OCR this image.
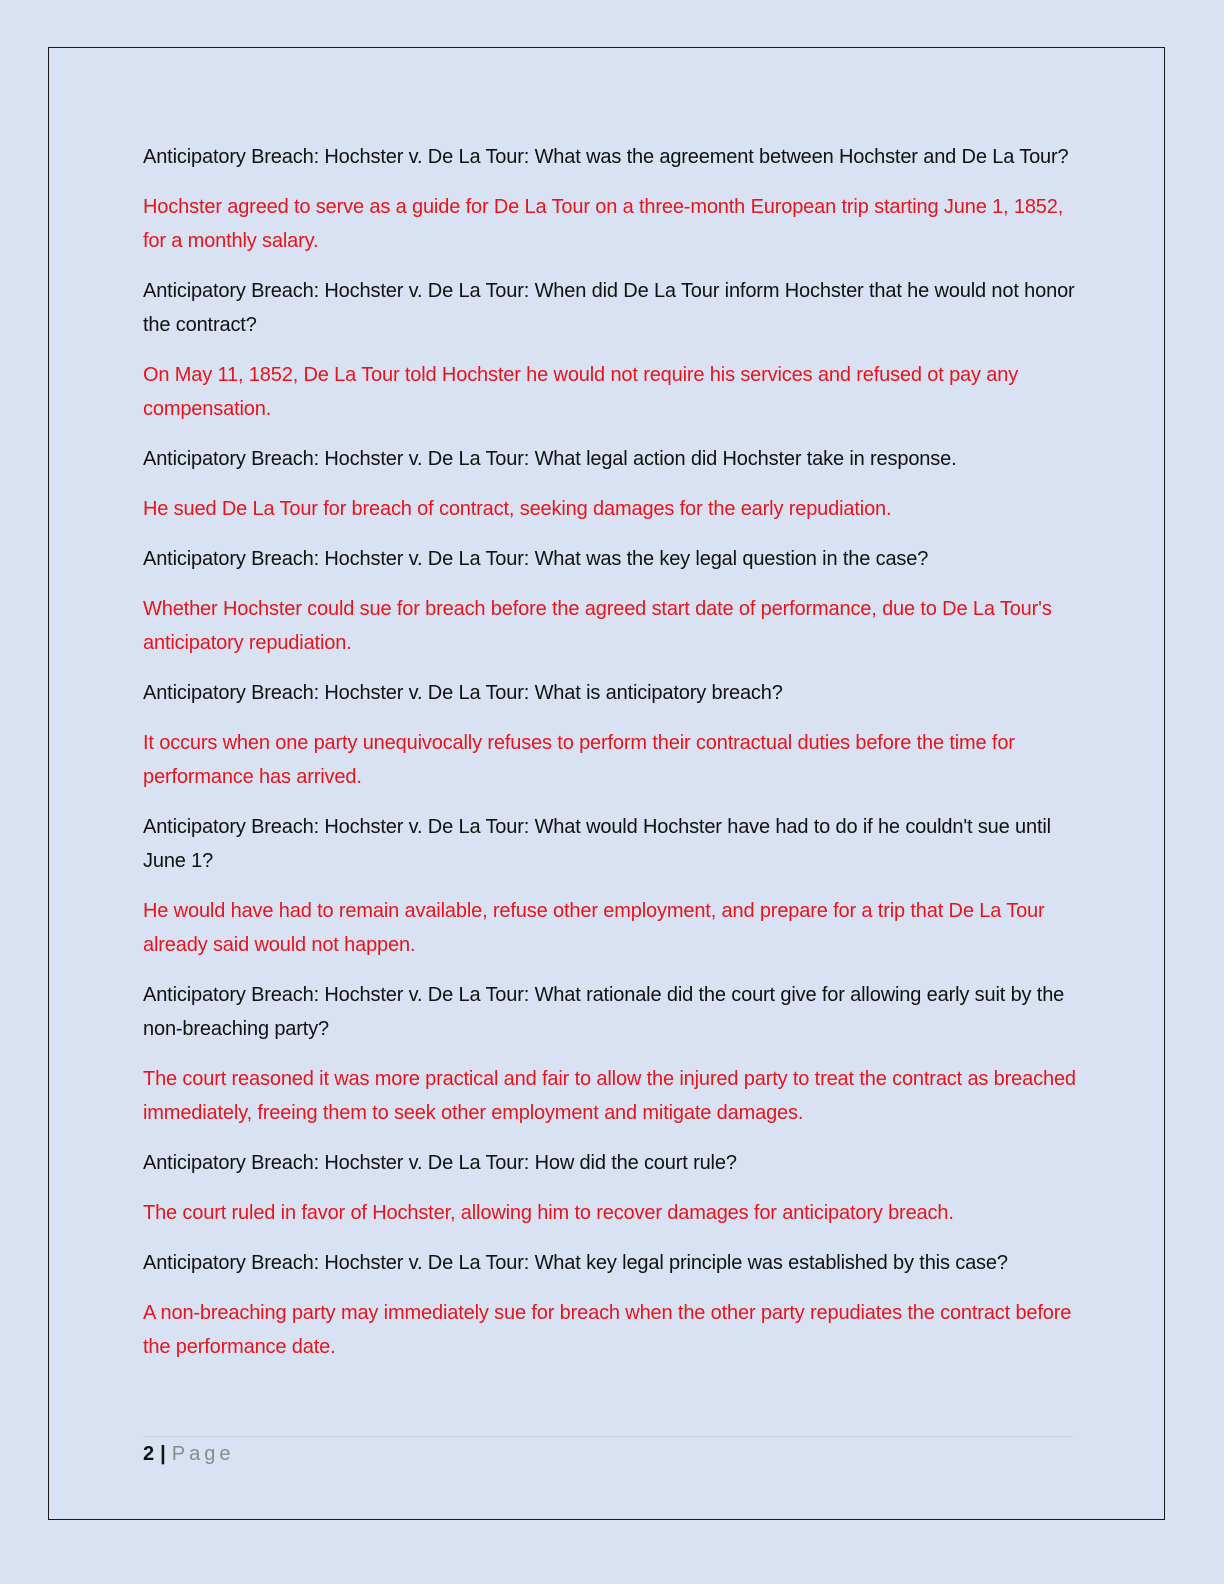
Anticipatory Breach: Hochster v. De La Tour: What was the agreement between Hochster and De La Tour?

Hochster agreed to serve as a guide for De La Tour on a three-month European trip starting June 1, 1852, for a monthly salary.

Anticipatory Breach: Hochster v. De La Tour: When did De La Tour inform Hochster that he would not honor the contract?

On May 11, 1852, De La Tour told Hochster he would not require his services and refused ot pay any compensation.

Anticipatory Breach: Hochster v. De La Tour: What legal action did Hochster take in response.

He sued De La Tour for breach of contract, seeking damages for the early repudiation.

Anticipatory Breach: Hochster v. De La Tour: What was the key legal question in the case?

Whether Hochster could sue for breach before the agreed start date of performance, due to De La Tour's anticipatory repudiation.

Anticipatory Breach: Hochster v. De La Tour: What is anticipatory breach?

It occurs when one party unequivocally refuses to perform their contractual duties before the time for performance has arrived.

Anticipatory Breach: Hochster v. De La Tour: What would Hochster have had to do if he couldn't sue until June 1?

He would have had to remain available, refuse other employment, and prepare for a trip that De La Tour already said would not happen.

Anticipatory Breach: Hochster v. De La Tour: What rationale did the court give for allowing early suit by the non-breaching party?

The court reasoned it was more practical and fair to allow the injured party to treat the contract as breached immediately, freeing them to seek other employment and mitigate damages.

Anticipatory Breach: Hochster v. De La Tour: How did the court rule?

The court ruled in favor of Hochster, allowing him to recover damages for anticipatory breach.

Anticipatory Breach: Hochster v. De La Tour: What key legal principle was established by this case?

A non-breaching party may immediately sue for breach when the other party repudiates the contract before the performance date.

2 | Page
